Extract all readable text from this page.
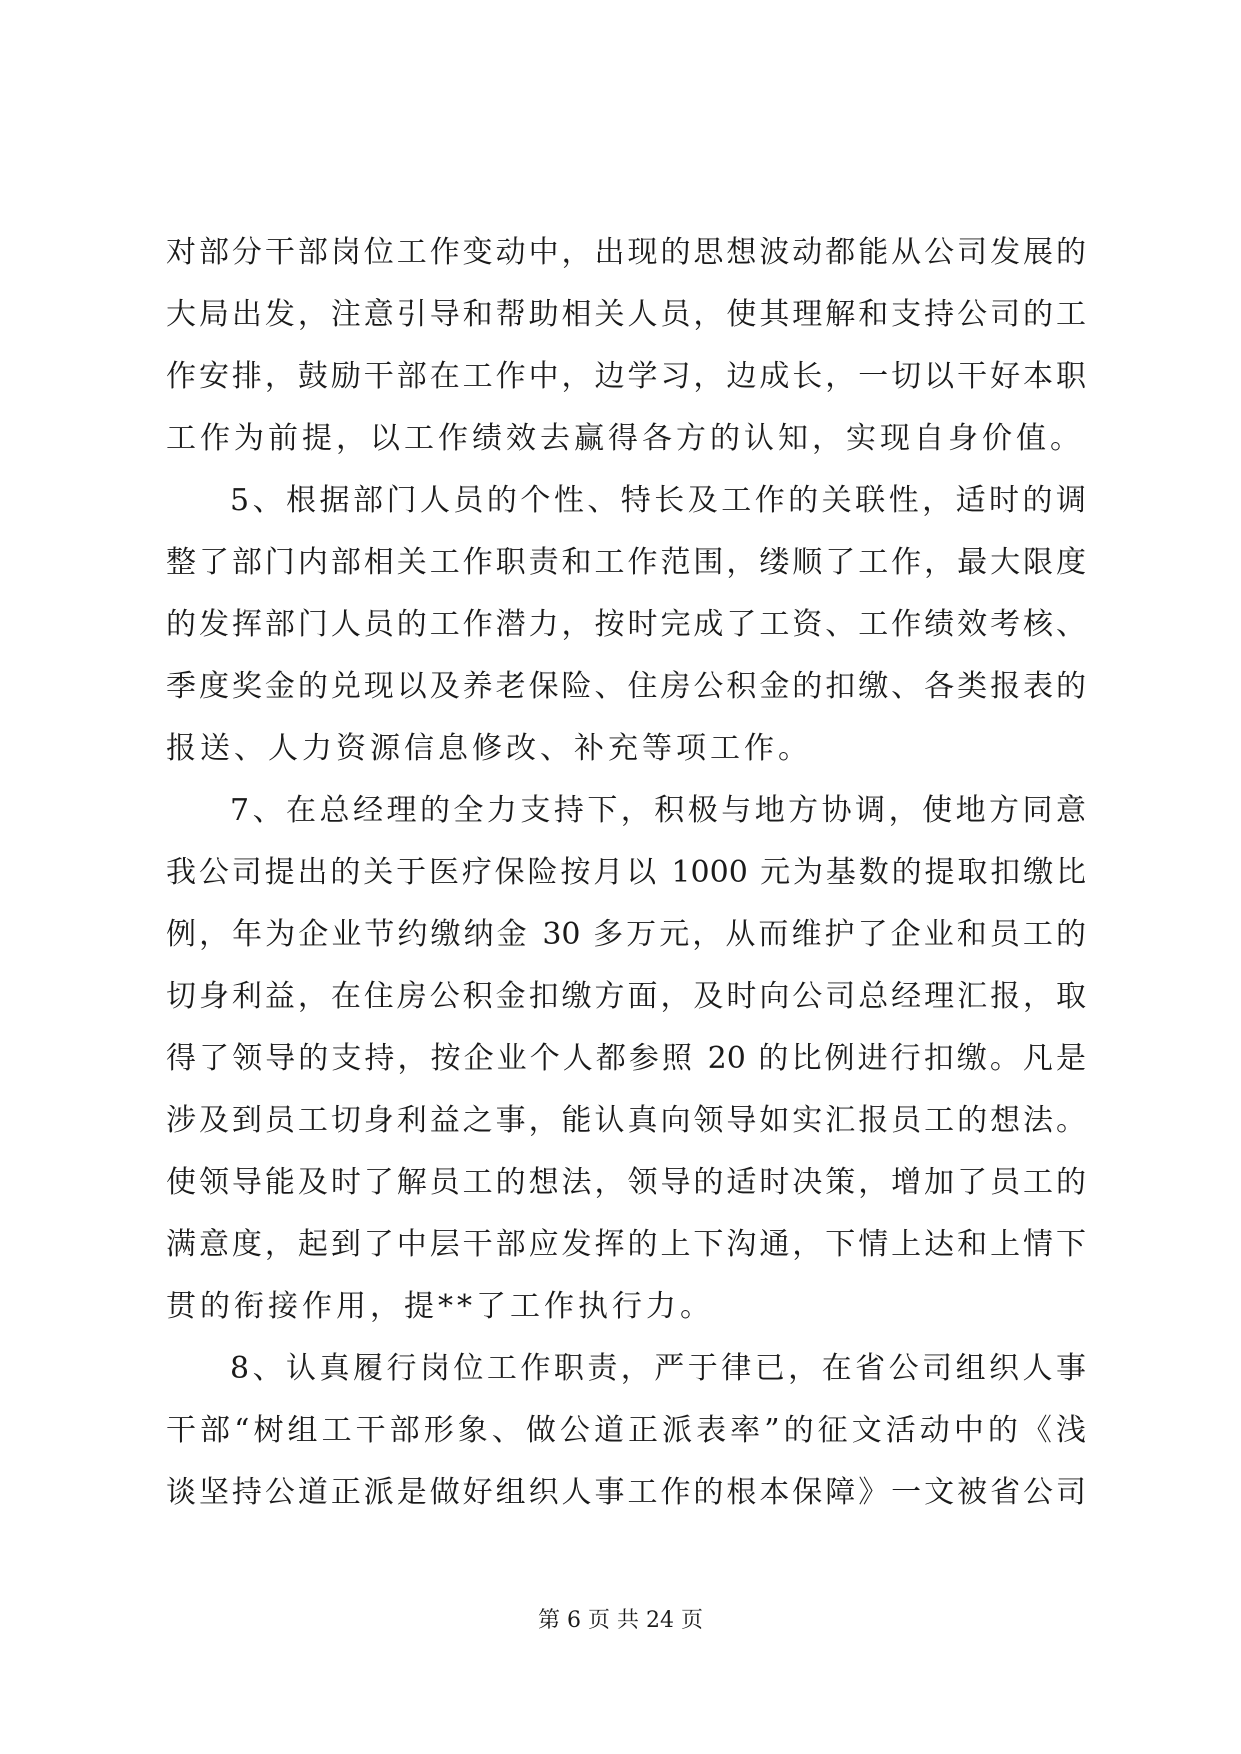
对部分干部岗位工作变动中，出现的思想波动都能从公司发展的
大局出发，注意引导和帮助相关人员，使其理解和支持公司的工
作安排，鼓励干部在工作中，边学习，边成长，一切以干好本职
工作为前提，以工作绩效去赢得各方的认知，实现自身价值。
5、根据部门人员的个性、特长及工作的关联性，适时的调
整了部门内部相关工作职责和工作范围，缕顺了工作，最大限度
的发挥部门人员的工作潜力，按时完成了工资、工作绩效考核、
季度奖金的兑现以及养老保险、住房公积金的扣缴、各类报表的
报送、人力资源信息修改、补充等项工作。
7、在总经理的全力支持下，积极与地方协调，使地方同意
我公司提出的关于医疗保险按月以 1000 元为基数的提取扣缴比
例，年为企业节约缴纳金 30 多万元，从而维护了企业和员工的
切身利益，在住房公积金扣缴方面，及时向公司总经理汇报，取
得了领导的支持，按企业个人都参照 20 的比例进行扣缴。凡是
涉及到员工切身利益之事，能认真向领导如实汇报员工的想法。
使领导能及时了解员工的想法，领导的适时决策，增加了员工的
满意度，起到了中层干部应发挥的上下沟通，下情上达和上情下
贯的衔接作用，提**了工作执行力。
8、认真履行岗位工作职责，严于律已，在省公司组织人事
干部“树组工干部形象、做公道正派表率”的征文活动中的《浅
谈坚持公道正派是做好组织人事工作的根本保障》一文被省公司
第 6 页 共 24 页
